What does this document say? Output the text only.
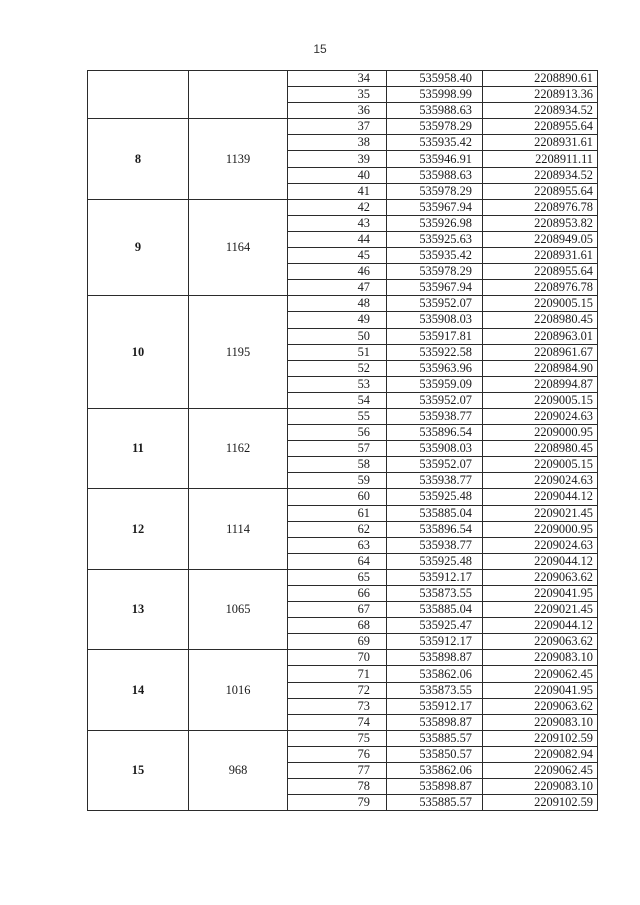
15
		34	535958.40	2208890.61
		35	535998.99	2208913.36
		36	535988.63	2208934.52
8	1139	37	535978.29	2208955.64
		38	535935.42	2208931.61
		39	535946.91	2208911.11
		40	535988.63	2208934.52
		41	535978.29	2208955.64
9	1164	42	535967.94	2208976.78
		43	535926.98	2208953.82
		44	535925.63	2208949.05
		45	535935.42	2208931.61
		46	535978.29	2208955.64
		47	535967.94	2208976.78
10	1195	48	535952.07	2209005.15
		49	535908.03	2208980.45
		50	535917.81	2208963.01
		51	535922.58	2208961.67
		52	535963.96	2208984.90
		53	535959.09	2208994.87
		54	535952.07	2209005.15
11	1162	55	535938.77	2209024.63
		56	535896.54	2209000.95
		57	535908.03	2208980.45
		58	535952.07	2209005.15
		59	535938.77	2209024.63
12	1114	60	535925.48	2209044.12
		61	535885.04	2209021.45
		62	535896.54	2209000.95
		63	535938.77	2209024.63
		64	535925.48	2209044.12
13	1065	65	535912.17	2209063.62
		66	535873.55	2209041.95
		67	535885.04	2209021.45
		68	535925.47	2209044.12
		69	535912.17	2209063.62
14	1016	70	535898.87	2209083.10
		71	535862.06	2209062.45
		72	535873.55	2209041.95
		73	535912.17	2209063.62
		74	535898.87	2209083.10
15	968	75	535885.57	2209102.59
		76	535850.57	2209082.94
		77	535862.06	2209062.45
		78	535898.87	2209083.10
		79	535885.57	2209102.59
